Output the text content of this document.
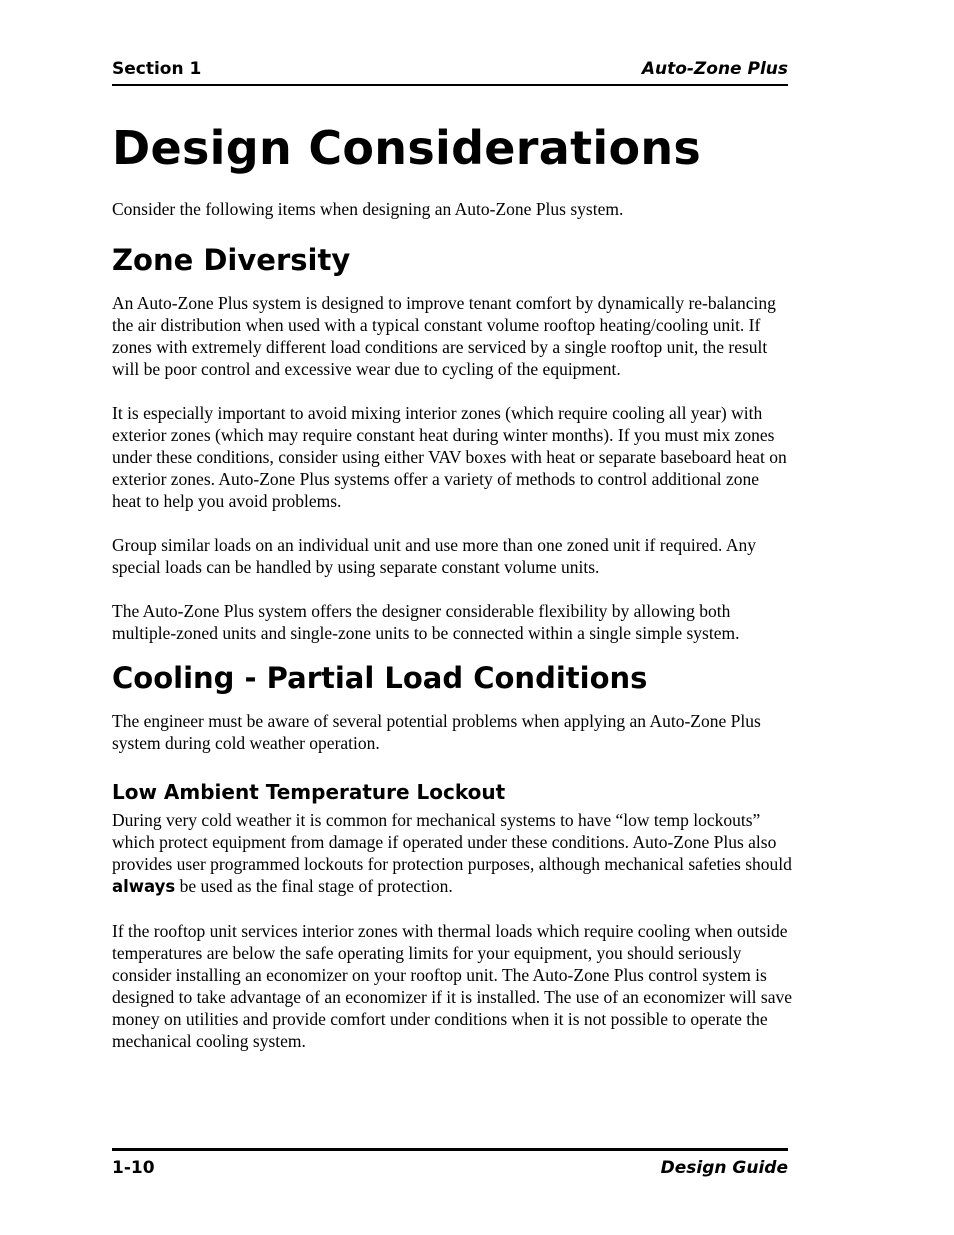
Section 1	Auto-Zone Plus
Design Considerations

Consider the following items when designing an Auto-Zone Plus system.

Zone Diversity

An Auto-Zone Plus system is designed to improve tenant comfort by dynamically re-balancing the air distribution when used with a typical constant volume rooftop heating/cooling unit. If zones with extremely different load conditions are serviced by a single rooftop unit, the result will be poor control and excessive wear due to cycling of the equipment.

It is especially important to avoid mixing interior zones (which require cooling all year) with exterior zones (which may require constant heat during winter months). If you must mix zones under these conditions, consider using either VAV boxes with heat or separate baseboard heat on exterior zones. Auto-Zone Plus systems offer a variety of methods to control additional zone heat to help you avoid problems.

Group similar loads on an individual unit and use more than one zoned unit if required. Any special loads can be handled by using separate constant volume units.

The Auto-Zone Plus system offers the designer considerable flexibility by allowing both multiple-zoned units and single-zone units to be connected within a single simple system.

Cooling - Partial Load Conditions

The engineer must be aware of several potential problems when applying an Auto-Zone Plus system during cold weather operation.

Low Ambient Temperature Lockout

During very cold weather it is common for mechanical systems to have “low temp lockouts” which protect equipment from damage if operated under these conditions. Auto-Zone Plus also provides user programmed lockouts for protection purposes, although mechanical safeties should always be used as the final stage of protection.

If the rooftop unit services interior zones with thermal loads which require cooling when outside temperatures are below the safe operating limits for your equipment, you should seriously consider installing an economizer on your rooftop unit. The Auto-Zone Plus control system is designed to take advantage of an economizer if it is installed. The use of an economizer will save money on utilities and provide comfort under conditions when it is not possible to operate the mechanical cooling system.

1-10	Design Guide
